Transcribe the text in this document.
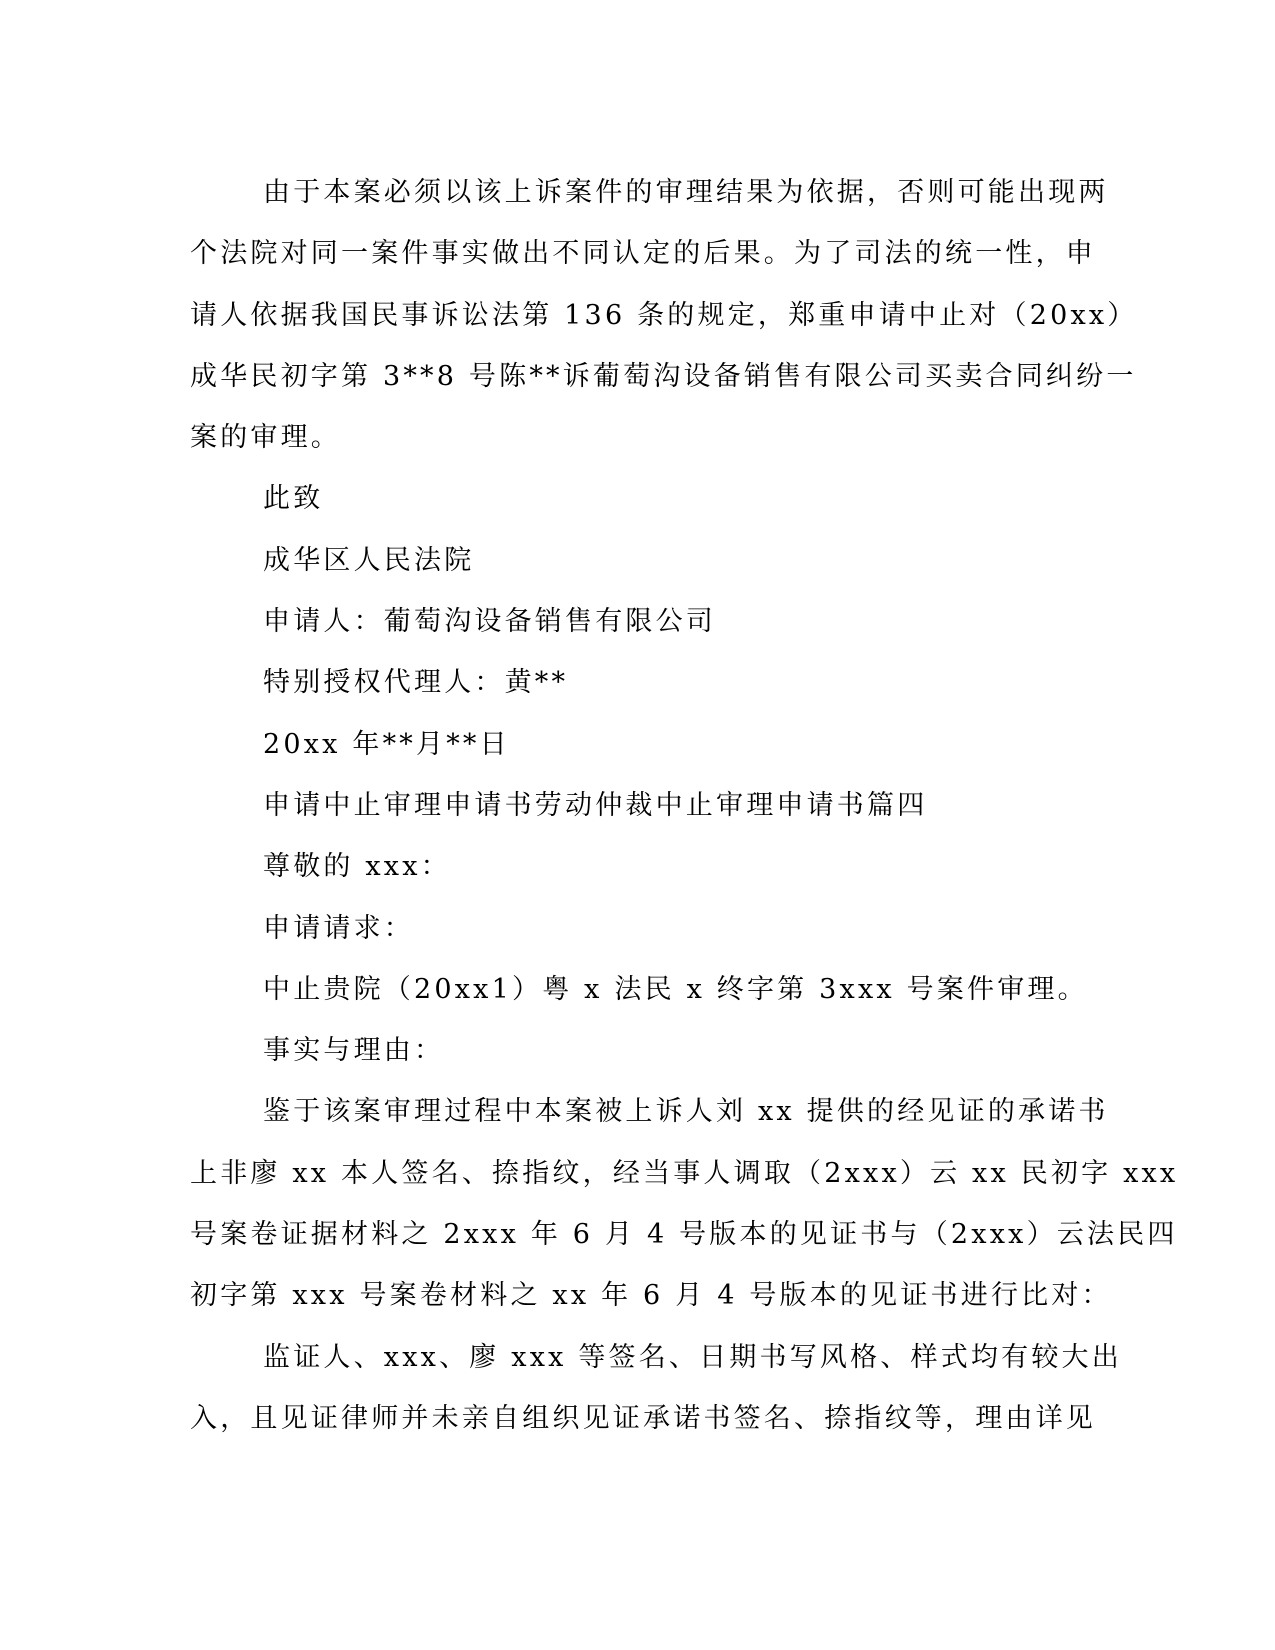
由于本案必须以该上诉案件的审理结果为依据，否则可能出现两
个法院对同一案件事实做出不同认定的后果。为了司法的统一性，申
请人依据我国民事诉讼法第 136 条的规定，郑重申请中止对（20xx）
成华民初字第 3**8 号陈**诉葡萄沟设备销售有限公司买卖合同纠纷一
案的审理。
此致
成华区人民法院
申请人：葡萄沟设备销售有限公司
特别授权代理人：黄**
20xx 年**月**日
申请中止审理申请书劳动仲裁中止审理申请书篇四
尊敬的 xxx：
申请请求：
中止贵院（20xx1）粤 x 法民 x 终字第 3xxx 号案件审理。
事实与理由：
鉴于该案审理过程中本案被上诉人刘 xx 提供的经见证的承诺书
上非廖 xx 本人签名、捺指纹，经当事人调取（2xxx）云 xx 民初字 xxx
号案卷证据材料之 2xxx 年 6 月 4 号版本的见证书与（2xxx）云法民四
初字第 xxx 号案卷材料之 xx 年 6 月 4 号版本的见证书进行比对：
监证人、xxx、廖 xxx 等签名、日期书写风格、样式均有较大出
入，且见证律师并未亲自组织见证承诺书签名、捺指纹等，理由详见
